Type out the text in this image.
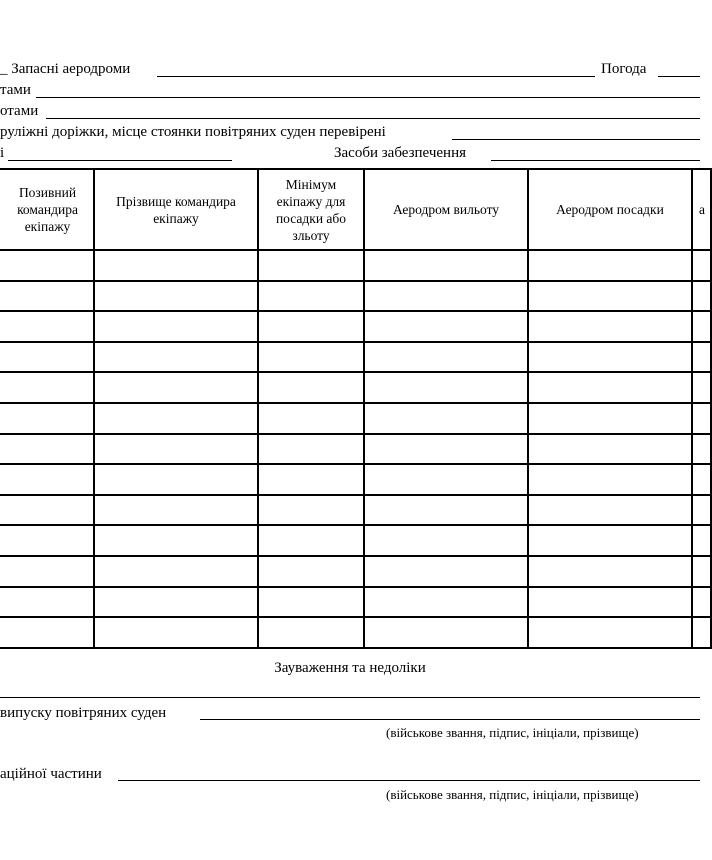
_ Запасні аеродроми	Погода
тами
отами
руліжні доріжки, місце стоянки повітряних суден перевірені
і	Засоби забезпечення
Позивний командира екіпажу	Прізвище командира екіпажу	Мінімум екіпажу для посадки або зльоту	Аеродром вильоту	Аеродром посадки	а

Зауваження та недоліки
випуску повітряних суден
(військове звання, підпис, ініціали, прізвище)
аційної частини
(військове звання, підпис, ініціали, прізвище)
